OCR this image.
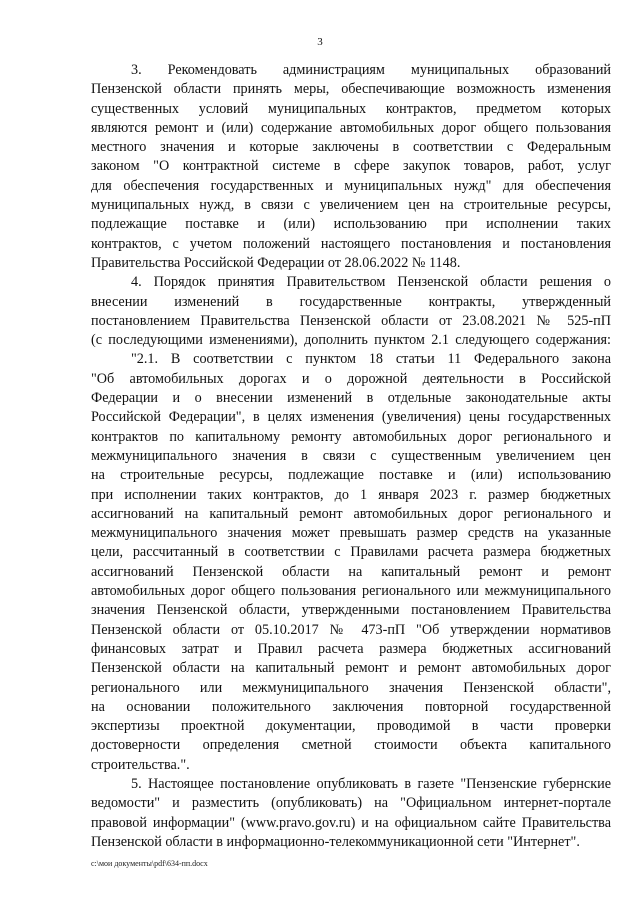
3
3. Рекомендовать администрациям муниципальных образований
Пензенской области принять меры, обеспечивающие возможность изменения
существенных условий муниципальных контрактов, предметом которых
являются ремонт и (или) содержание автомобильных дорог общего пользования
местного значения и которые заключены в соответствии с Федеральным
законом "О контрактной системе в сфере закупок товаров, работ, услуг
для обеспечения государственных и муниципальных нужд" для обеспечения
муниципальных нужд, в связи с увеличением цен на строительные ресурсы,
подлежащие поставке и (или) использованию при исполнении таких
контрактов, с учетом положений настоящего постановления и постановления
Правительства Российской Федерации от 28.06.2022 № 1148.
4. Порядок принятия Правительством Пензенской области решения о
внесении изменений в государственные контракты, утвержденный
постановлением Правительства Пензенской области от 23.08.2021 № 525-пП
(с последующими изменениями), дополнить пунктом 2.1 следующего содержания:
"2.1. В соответствии с пунктом 18 статьи 11 Федерального закона
"Об автомобильных дорогах и о дорожной деятельности в Российской
Федерации и о внесении изменений в отдельные законодательные акты
Российской Федерации", в целях изменения (увеличения) цены государственных
контрактов по капитальному ремонту автомобильных дорог регионального и
межмуниципального значения в связи с существенным увеличением цен
на строительные ресурсы, подлежащие поставке и (или) использованию
при исполнении таких контрактов, до 1 января 2023 г. размер бюджетных
ассигнований на капитальный ремонт автомобильных дорог регионального и
межмуниципального значения может превышать размер средств на указанные
цели, рассчитанный в соответствии с Правилами расчета размера бюджетных
ассигнований Пензенской области на капитальный ремонт и ремонт
автомобильных дорог общего пользования регионального или межмуниципального
значения Пензенской области, утвержденными постановлением Правительства
Пензенской области от 05.10.2017 № 473-пП "Об утверждении нормативов
финансовых затрат и Правил расчета размера бюджетных ассигнований
Пензенской области на капитальный ремонт и ремонт автомобильных дорог
регионального или межмуниципального значения Пензенской области",
на основании положительного заключения повторной государственной
экспертизы проектной документации, проводимой в части проверки
достоверности определения сметной стоимости объекта капитального
строительства.".
5. Настоящее постановление опубликовать в газете "Пензенские губернские
ведомости" и разместить (опубликовать) на "Официальном интернет-портале
правовой информации" (www.pravo.gov.ru) и на официальном сайте Правительства
Пензенской области в информационно-телекоммуникационной сети "Интернет".
c:\мои документы\pdf\634-пп.docx
